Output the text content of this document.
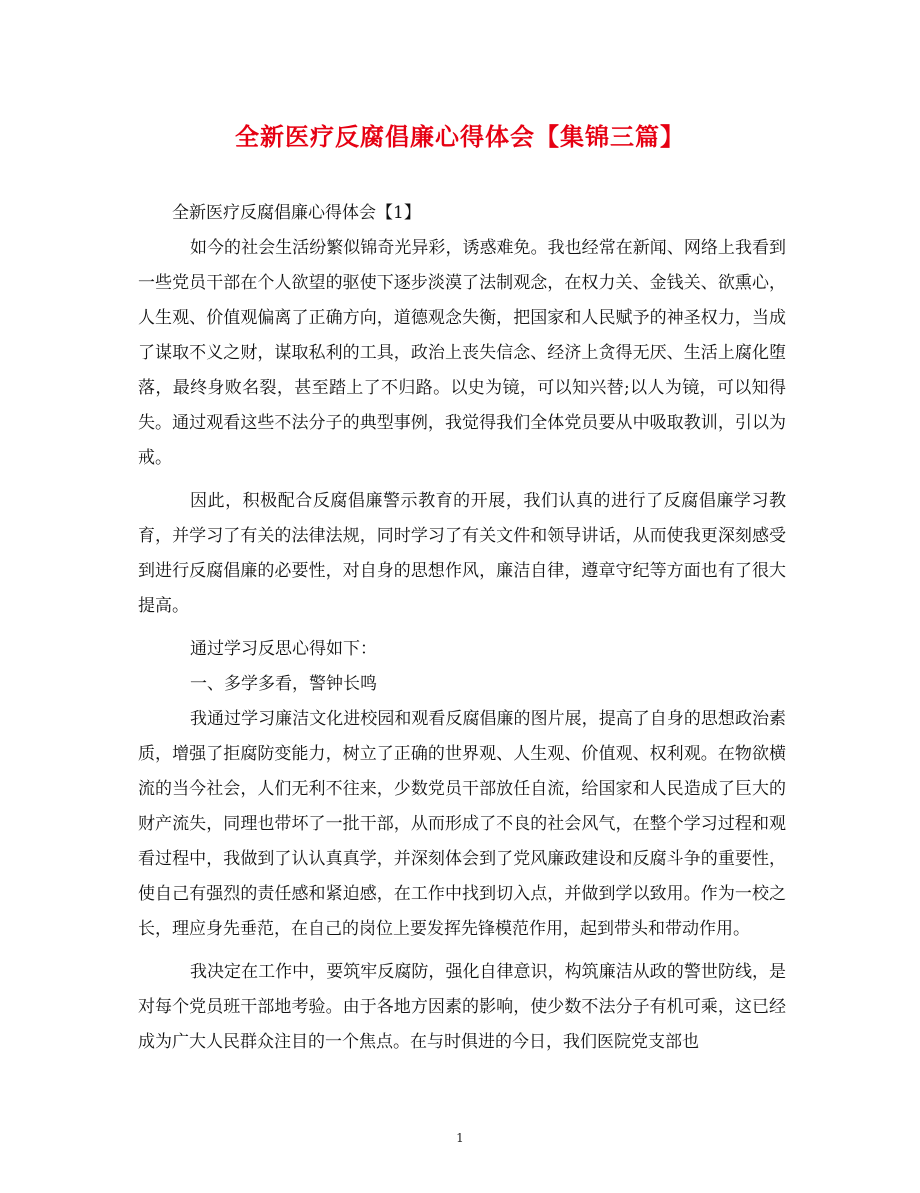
全新医疗反腐倡廉心得体会【集锦三篇】

全新医疗反腐倡廉心得体会【1】

如今的社会生活纷繁似锦奇光异彩，诱惑难免。我也经常在新闻、网络上我看到一些党员干部在个人欲望的驱使下逐步淡漠了法制观念，在权力关、金钱关、欲熏心，人生观、价值观偏离了正确方向，道德观念失衡，把国家和人民赋予的神圣权力，当成了谋取不义之财，谋取私利的工具，政治上丧失信念、经济上贪得无厌、生活上腐化堕落，最终身败名裂，甚至踏上了不归路。以史为镜，可以知兴替;以人为镜，可以知得失。通过观看这些不法分子的典型事例，我觉得我们全体党员要从中吸取教训，引以为戒。

因此，积极配合反腐倡廉警示教育的开展，我们认真的进行了反腐倡廉学习教育，并学习了有关的法律法规，同时学习了有关文件和领导讲话，从而使我更深刻感受到进行反腐倡廉的必要性，对自身的思想作风，廉洁自律，遵章守纪等方面也有了很大提高。

通过学习反思心得如下：

一、多学多看，警钟长鸣

我通过学习廉洁文化进校园和观看反腐倡廉的图片展，提高了自身的思想政治素质，增强了拒腐防变能力，树立了正确的世界观、人生观、价值观、权利观。在物欲横流的当今社会，人们无利不往来，少数党员干部放任自流，给国家和人民造成了巨大的财产流失，同理也带坏了一批干部，从而形成了不良的社会风气，在整个学习过程和观看过程中，我做到了认认真真学，并深刻体会到了党风廉政建设和反腐斗争的重要性，使自己有强烈的责任感和紧迫感，在工作中找到切入点，并做到学以致用。作为一校之长，理应身先垂范，在自己的岗位上要发挥先锋模范作用，起到带头和带动作用。

我决定在工作中，要筑牢反腐防，强化自律意识，构筑廉洁从政的警世防线，是对每个党员班干部地考验。由于各地方因素的影响，使少数不法分子有机可乘，这已经成为广大人民群众注目的一个焦点。在与时俱进的今日，我们医院党支部也

1
